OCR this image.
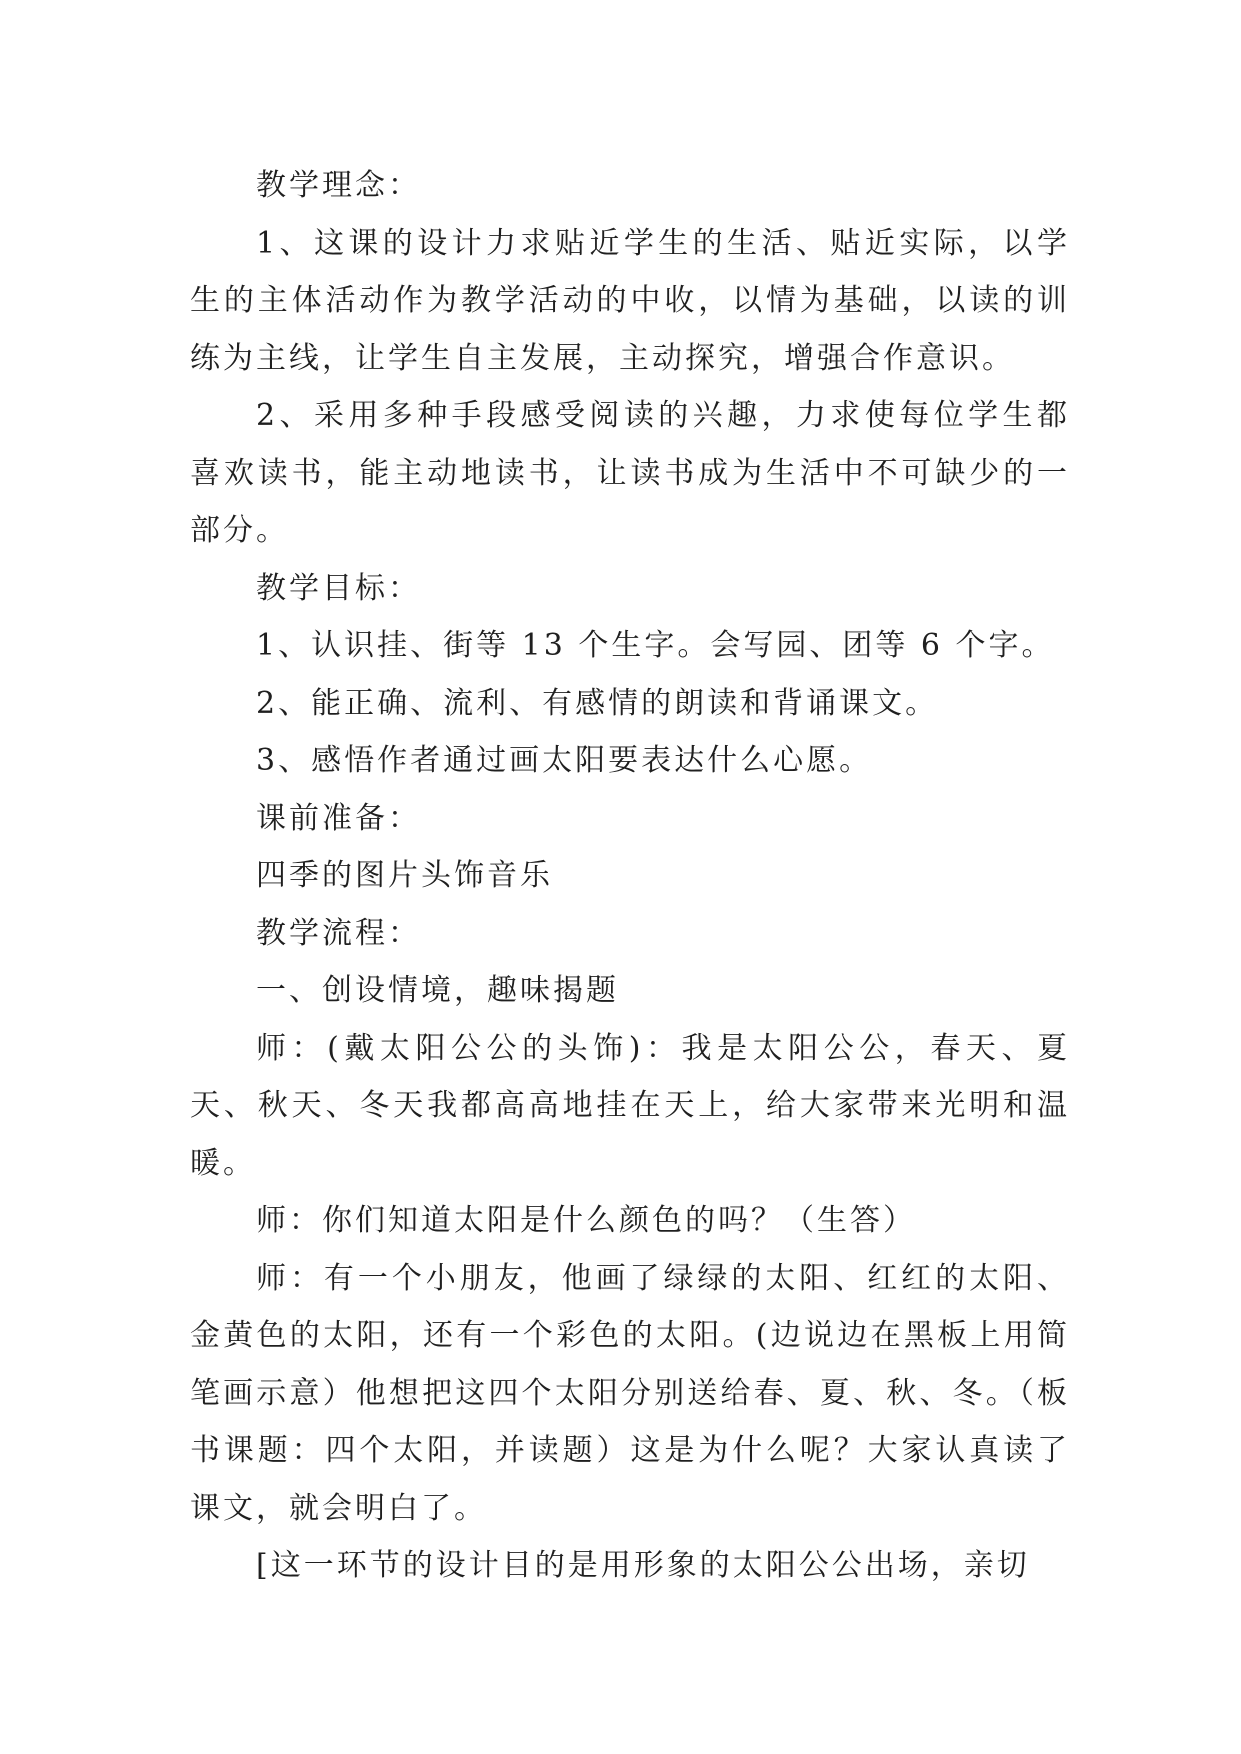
教学理念：

1、这课的设计力求贴近学生的生活、贴近实际，以学生的主体活动作为教学活动的中收，以情为基础，以读的训练为主线，让学生自主发展，主动探究，增强合作意识。

2、采用多种手段感受阅读的兴趣，力求使每位学生都喜欢读书，能主动地读书，让读书成为生活中不可缺少的一部分。

教学目标：

1、认识挂、街等 13 个生字。会写园、团等 6 个字。

2、能正确、流利、有感情的朗读和背诵课文。

3、感悟作者通过画太阳要表达什么心愿。

课前准备：

四季的图片头饰音乐

教学流程：

一、创设情境，趣味揭题

师：(戴太阳公公的头饰)：我是太阳公公，春天、夏天、秋天、冬天我都高高地挂在天上，给大家带来光明和温暖。

师：你们知道太阳是什么颜色的吗？（生答）

师：有一个小朋友，他画了绿绿的太阳、红红的太阳、金黄色的太阳，还有一个彩色的太阳。(边说边在黑板上用简笔画示意）他想把这四个太阳分别送给春、夏、秋、冬。（板书课题：四个太阳，并读题）这是为什么呢？大家认真读了课文，就会明白了。

[这一环节的设计目的是用形象的太阳公公出场，亲切
